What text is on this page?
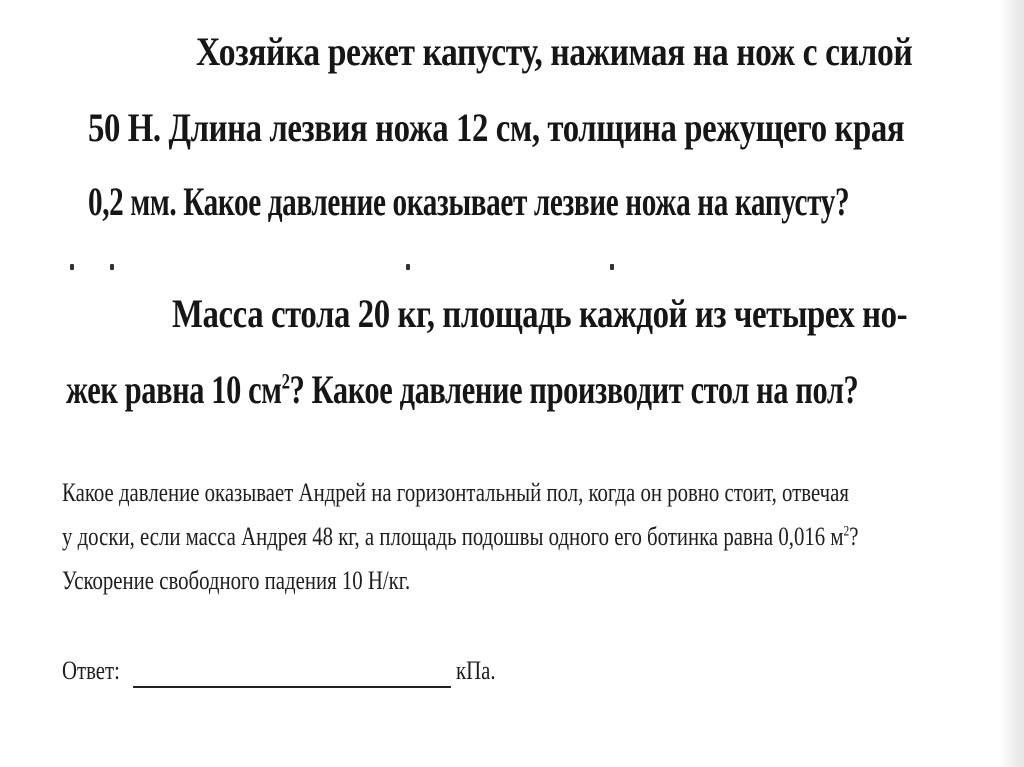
Хозяйка режет капусту, нажимая на нож с силой
50 Н. Длина лезвия ножа 12 см, толщина режущего края
0,2 мм. Какое давление оказывает лезвие ножа на капусту?
Масса стола 20 кг, площадь каждой из четырех но-
жек равна 10 $см^2$? Какое давление производит стол на пол?
Какое давление оказывает Андрей на горизонтальный пол, когда он ровно стоит, отвечая
у доски, если масса Андрея 48 кг, а площадь подошвы одного его ботинка равна 0,016 $м^2$?
Ускорение свободного падения 10 Н/кг.
Ответ:	кПа.
